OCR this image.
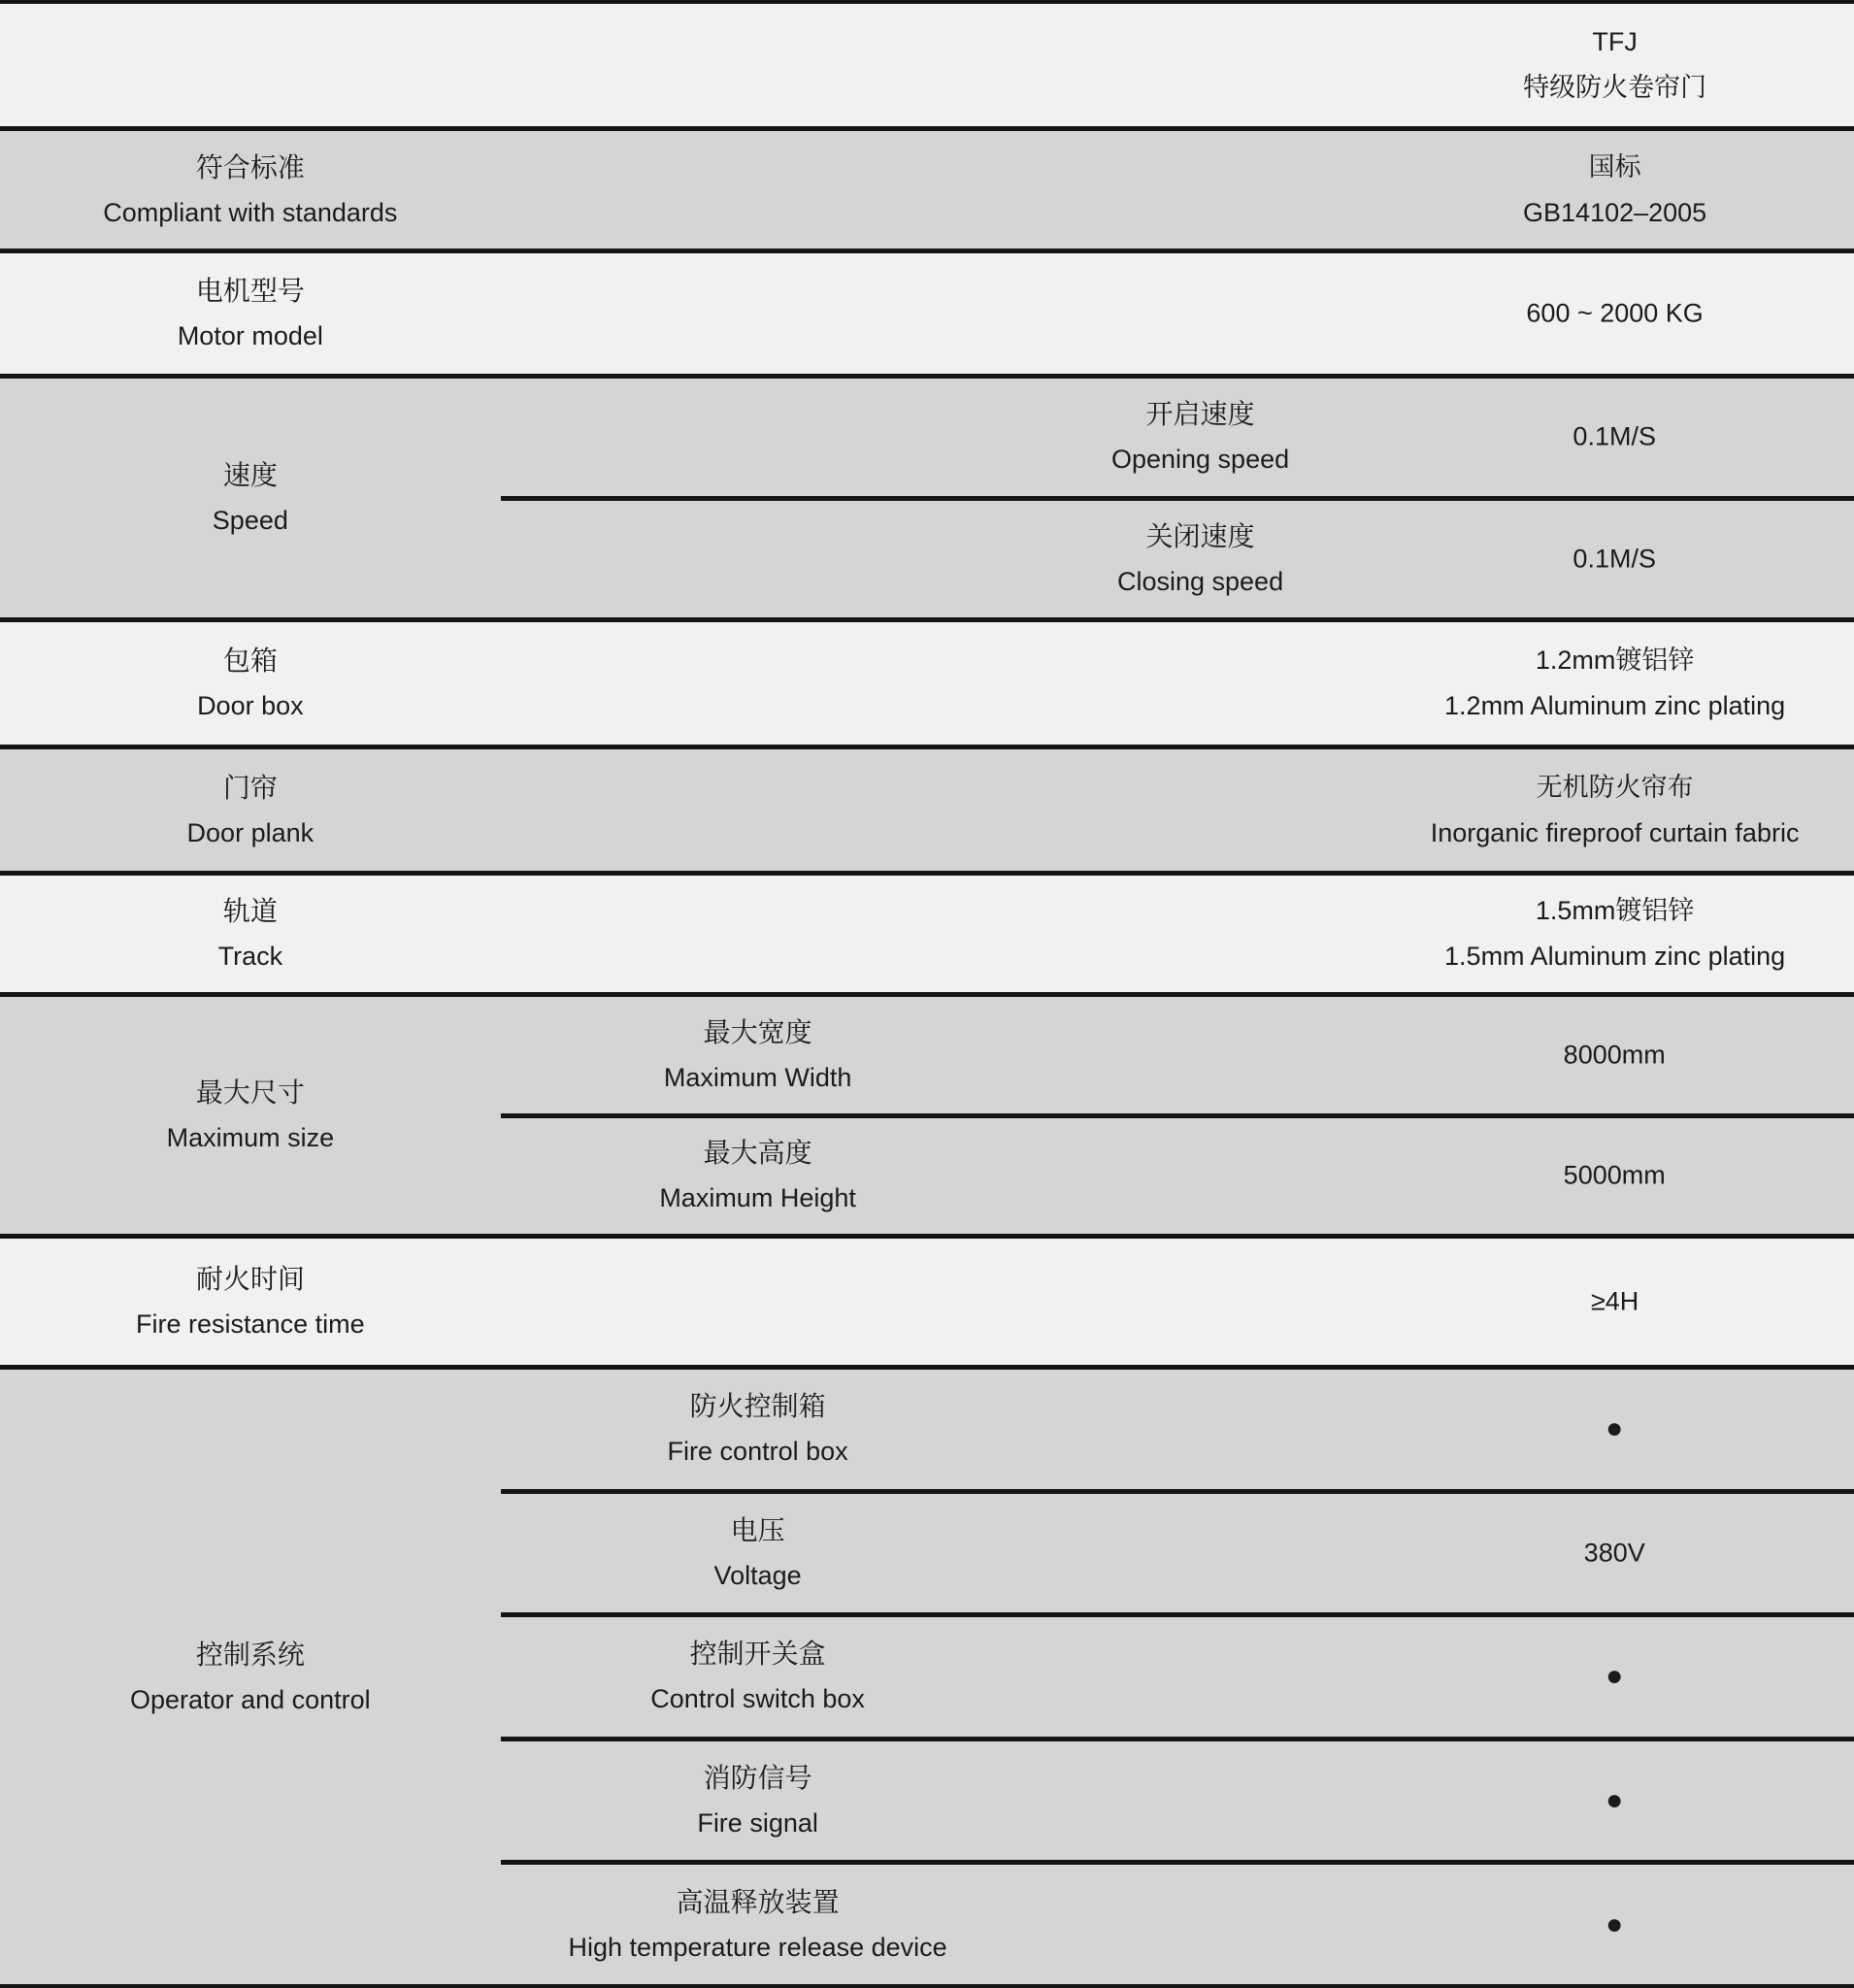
TFJ
特级防火卷帘门
符合标准
Compliant with standards
国标
GB14102–2005
电机型号
Motor model
600 ~ 2000 KG
速度
Speed
开启速度
Opening speed
0.1M/S
关闭速度
Closing speed
0.1M/S
包箱
Door box
1.2mm镀铝锌
1.2mm Aluminum zinc plating
门帘
Door plank
无机防火帘布
Inorganic fireproof curtain fabric
轨道
Track
1.5mm镀铝锌
1.5mm Aluminum zinc plating
最大尺寸
Maximum size
最大宽度
Maximum Width
8000mm
最大高度
Maximum Height
5000mm
耐火时间
Fire resistance time
≥4H
控制系统
Operator and control
防火控制箱
Fire control box
●
电压
Voltage
380V
控制开关盒
Control switch box
●
消防信号
Fire signal
●
高温释放装置
High temperature release device
●
